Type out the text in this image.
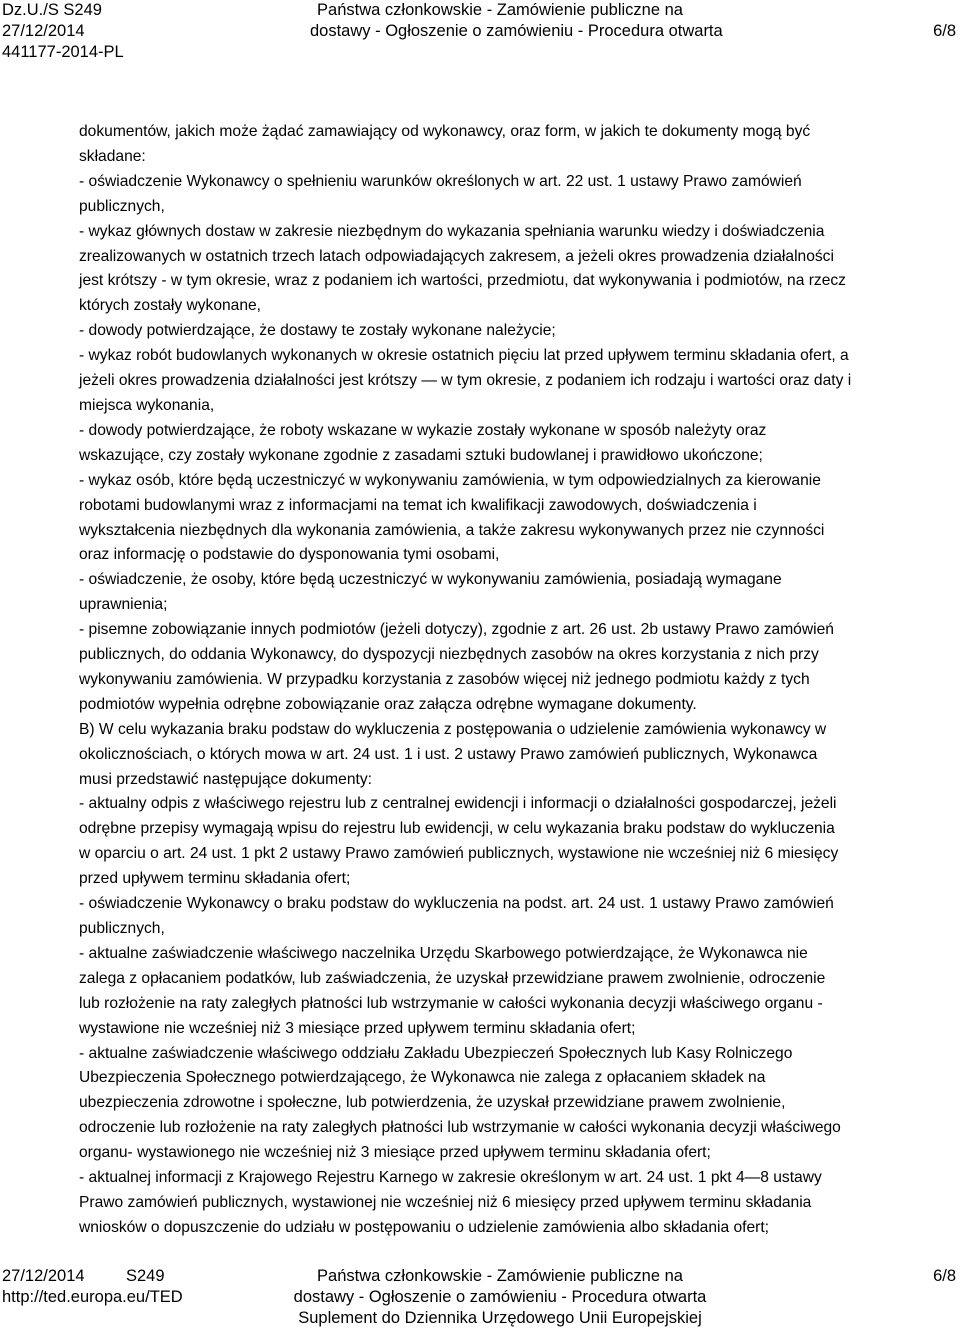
Dz.U./S S249
27/12/2014
441177-2014-PL
Państwa członkowskie - Zamówienie publiczne na
dostawy - Ogłoszenie o zamówieniu - Procedura otwarta
	6/8
dokumentów, jakich może żądać zamawiający od wykonawcy, oraz form, w jakich te dokumenty mogą być
składane:
- oświadczenie Wykonawcy o spełnieniu warunków określonych w art. 22 ust. 1 ustawy Prawo zamówień
publicznych,
- wykaz głównych dostaw w zakresie niezbędnym do wykazania spełniania warunku wiedzy i doświadczenia
zrealizowanych w ostatnich trzech latach odpowiadających zakresem, a jeżeli okres prowadzenia działalności
jest krótszy - w tym okresie, wraz z podaniem ich wartości, przedmiotu, dat wykonywania i podmiotów, na rzecz
których zostały wykonane,
- dowody potwierdzające, że dostawy te zostały wykonane należycie;
- wykaz robót budowlanych wykonanych w okresie ostatnich pięciu lat przed upływem terminu składania ofert, a
jeżeli okres prowadzenia działalności jest krótszy — w tym okresie, z podaniem ich rodzaju i wartości oraz daty i
miejsca wykonania,
- dowody potwierdzające, że roboty wskazane w wykazie zostały wykonane w sposób należyty oraz
wskazujące, czy zostały wykonane zgodnie z zasadami sztuki budowlanej i prawidłowo ukończone;
- wykaz osób, które będą uczestniczyć w wykonywaniu zamówienia, w tym odpowiedzialnych za kierowanie
robotami budowlanymi wraz z informacjami na temat ich kwalifikacji zawodowych, doświadczenia i
wykształcenia niezbędnych dla wykonania zamówienia, a także zakresu wykonywanych przez nie czynności
oraz informację o podstawie do dysponowania tymi osobami,
- oświadczenie, że osoby, które będą uczestniczyć w wykonywaniu zamówienia, posiadają wymagane
uprawnienia;
- pisemne zobowiązanie innych podmiotów (jeżeli dotyczy), zgodnie z art. 26 ust. 2b ustawy Prawo zamówień
publicznych, do oddania Wykonawcy, do dyspozycji niezbędnych zasobów na okres korzystania z nich przy
wykonywaniu zamówienia. W przypadku korzystania z zasobów więcej niż jednego podmiotu każdy z tych
podmiotów wypełnia odrębne zobowiązanie oraz załącza odrębne wymagane dokumenty.
B) W celu wykazania braku podstaw do wykluczenia z postępowania o udzielenie zamówienia wykonawcy w
okolicznościach, o których mowa w art. 24 ust. 1 i ust. 2 ustawy Prawo zamówień publicznych, Wykonawca
musi przedstawić następujące dokumenty:
- aktualny odpis z właściwego rejestru lub z centralnej ewidencji i informacji o działalności gospodarczej, jeżeli
odrębne przepisy wymagają wpisu do rejestru lub ewidencji, w celu wykazania braku podstaw do wykluczenia
w oparciu o art. 24 ust. 1 pkt 2 ustawy Prawo zamówień publicznych, wystawione nie wcześniej niż 6 miesięcy
przed upływem terminu składania ofert;
- oświadczenie Wykonawcy o braku podstaw do wykluczenia na podst. art. 24 ust. 1 ustawy Prawo zamówień
publicznych,
- aktualne zaświadczenie właściwego naczelnika Urzędu Skarbowego potwierdzające, że Wykonawca nie
zalega z opłacaniem podatków, lub zaświadczenia, że uzyskał przewidziane prawem zwolnienie, odroczenie
lub rozłożenie na raty zaległych płatności lub wstrzymanie w całości wykonania decyzji właściwego organu -
wystawione nie wcześniej niż 3 miesiące przed upływem terminu składania ofert;
- aktualne zaświadczenie właściwego oddziału Zakładu Ubezpieczeń Społecznych lub Kasy Rolniczego
Ubezpieczenia Społecznego potwierdzającego, że Wykonawca nie zalega z opłacaniem składek na
ubezpieczenia zdrowotne i społeczne, lub potwierdzenia, że uzyskał przewidziane prawem zwolnienie,
odroczenie lub rozłożenie na raty zaległych płatności lub wstrzymanie w całości wykonania decyzji właściwego
organu- wystawionego nie wcześniej niż 3 miesiące przed upływem terminu składania ofert;
- aktualnej informacji z Krajowego Rejestru Karnego w zakresie określonym w art. 24 ust. 1 pkt 4—8 ustawy
Prawo zamówień publicznych, wystawionej nie wcześniej niż 6 miesięcy przed upływem terminu składania
wniosków o dopuszczenie do udziału w postępowaniu o udzielenie zamówienia albo składania ofert;
27/12/2014
http://ted.europa.eu/TED
S249	Państwa członkowskie - Zamówienie publiczne na
dostawy - Ogłoszenie o zamówieniu - Procedura otwarta
Suplement do Dziennika Urzędowego Unii Europejskiej
6/8
